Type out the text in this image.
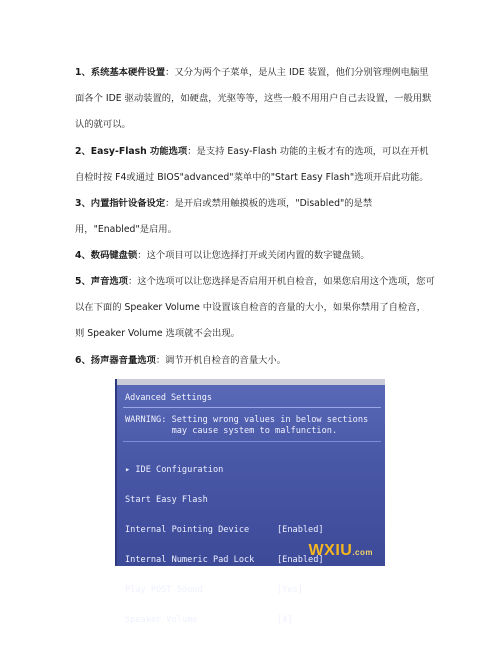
1、系统基本硬件设置：又分为两个子菜单，是从主 IDE 装置，他们分别管理例电脑里面各个 IDE 驱动装置的，如硬盘，光驱等等，这些一般不用用户自己去设置，一般用默认的就可以。
2、Easy-Flash 功能选项：是支持 Easy-Flash 功能的主板才有的选项，可以在开机自检时按 F4或通过 BIOS"advanced"菜单中的"Start Easy Flash"选项开启此功能。
3、内置指针设备设定：是开启或禁用触摸板的选项，"Disabled"的是禁用，"Enabled"是启用。
4、数码键盘锁：这个项目可以让您选择打开或关闭内置的数字键盘锁。
5、声音选项：这个选项可以让您选择是否启用开机自检音，如果您启用这个选项，您可以在下面的 Speaker Volume 中设置该自检音的音量的大小，如果你禁用了自检音，则 Speaker Volume 选项就不会出现。
6、扬声器音量选项：调节开机自检音的音量大小。
Advanced Settings
WARNING: Setting wrong values in below sections
may cause system to malfunction.

▸ IDE Configuration

Start Easy Flash

Internal Pointing Device	[Enabled]

Internal Numeric Pad Lock	[Enabled]

Play POST Sound	[Yes]

Speaker Volume	[4]

WXIU.com
